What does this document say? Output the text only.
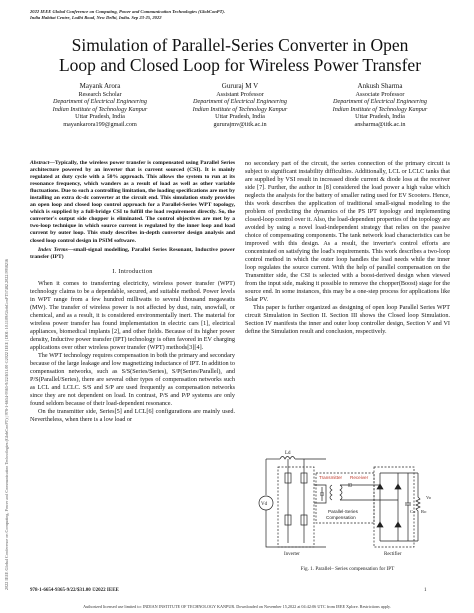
2022 IEEE Global Conference on Computing, Power and Communication Technologies (GlobConPT).
India Habitat Centre, Lodhi Road, New Delhi, India. Sep 23-25, 2022
2022 IEEE Global Conference on Computing, Power and Communication Technologies (GlobConPT) | 978-1-6654-9365-9/22/$31.00 ©2022 IEEE | DOI: 10.1109/GlobConPT57482.2022.9938216
Simulation of Parallel-Series Converter in Open
Loop and Closed Loop for Wireless Power Transfer
Mayank Arora
Research Scholar
Department of Electrical Engineering
Indian Institute of Technology Kanpur
Uttar Pradesh, India
mayankarora199@gmail.com
Gururaj M V
Assistant Professor
Department of Electrical Engineering
Indian Institute of Technology Kanpur
Uttar Pradesh, India
gururajmv@iitk.ac.in
Ankush Sharma
Associate Professor
Department of Electrical Engineering
Indian Institute of Technology Kanpur
Uttar Pradesh, India
ansharma@iitk.ac.in

Abstract—Typically, the wireless power transfer is compensated using Parallel Series architecture powered by an inverter that is current sourced (CSI). It is mainly regulated at duty cycle with a 50% approach. This allows the system to run at its resonance frequency, which wanders as a result of load as well as other variable fluctuations. Due to such a controlling limitation, the loading specifications are met by installing an extra dc-dc converter at the circuit end. This simulation study provides an open loop and closed loop control approach for a Parallel-Series WPT topology, which is supplied by a full-bridge CSI to fulfill the load requirement directly. So, the converter's output side chopper is eliminated. The control objectives are met by a two-loop technique in which source current is regulated by the inner loop and load current by outer loop. This study describes in-depth converter design analysis and closed loop control design in PSIM software.

Index Terms—small-signal modelling, Parallel Series Resonant, Inductive power transfer (IPT)

I. Introduction

When it comes to transferring electricity, wireless power transfer (WPT) technology claims to be a dependable, secured, and suitable method. Power levels in WPT range from a few hundred milliwatts to several thousand megawatts (MW). The transfer of wireless power is not affected by dust, rain, snowfall, or chemical, and as a result, it is considered environmentally inert. The material for wireless power transfer has found implementation in electric cars [1], electrical appliances, biomedical implants [2], and other fields. Because of its higher power density, Inductive power transfer (IPT) technology is often favored in EV charging applications over other wireless power transfer (WPT) methods[3][4].

The WPT technology requires compensation in both the primary and secondary because of the large leakage and low magnetizing inductance of IPT. In addition to compensation networks, such as S/S(Series/Series), S/P(Series/Parallel), and P/S(Parallel/Series), there are several other types of compensation networks such as LCL and LCLC. S/S and S/P are used frequently as compensation networks since they are not dependent on load. In contrast, P/S and P/P systems are only found seldom because of their load-dependent resonance.

On the transmitter side, Series[5] and LCL[6] configurations are mainly used. Nevertheless, when there is a low load or

no secondary part of the circuit, the series connection of the primary circuit is subject to significant instability difficulties. Additionally, LCL or LCLC tanks that are supplied by VSI result in increased diode current & diode loss at the receiver side [7]. Further, the author in [8] considered the load power a high value which neglects the analysis for the battery of smaller rating used for EV Scooters. Hence, this work describes the application of traditional small-signal modeling to the problem of predicting the dynamics of the PS IPT topology and implementing closed-loop control over it. Also, the load-dependent properties of the topology are avoided by using a novel load-independent strategy that relies on the passive choice of compensating components. The tank network load characteristics can be improved with this design. As a result, the inverter's control efforts are concentrated on satisfying the load's requirements. This work describes a two-loop control method in which the outer loop handles the load needs while the inner loop regulates the source current. With the help of parallel compensation on the Transmitter side, the CSI is selected with a boost-derived design when viewed from the input side, making it possible to remove the chopper(Boost) stage for the source end. In some instances, this may be a one-step process for applications like Solar PV.

This paper is further organized as designing of open loop Parallel Series WPT circuit Simulation in Section II. Section III shows the Closed loop Simulation. Section IV manifests the inner and outer loop controller design, Section V and VI define the Simulation result and conclusion, respectively.

Vd
Ld
Transmitter Receiver
Parallel-Series
Compensation
Inverter	Rectifier
Co Ro
Vo
Fig. 1. Parallel– Series compensation for IPT
978-1-6654-9365-9/22/$31.00 ©2022 IEEE	1
Authorized licensed use limited to: INDIAN INSTITUTE OF TECHNOLOGY KANPUR. Downloaded on November 15,2022 at 04:42:06 UTC from IEEE Xplore. Restrictions apply.
